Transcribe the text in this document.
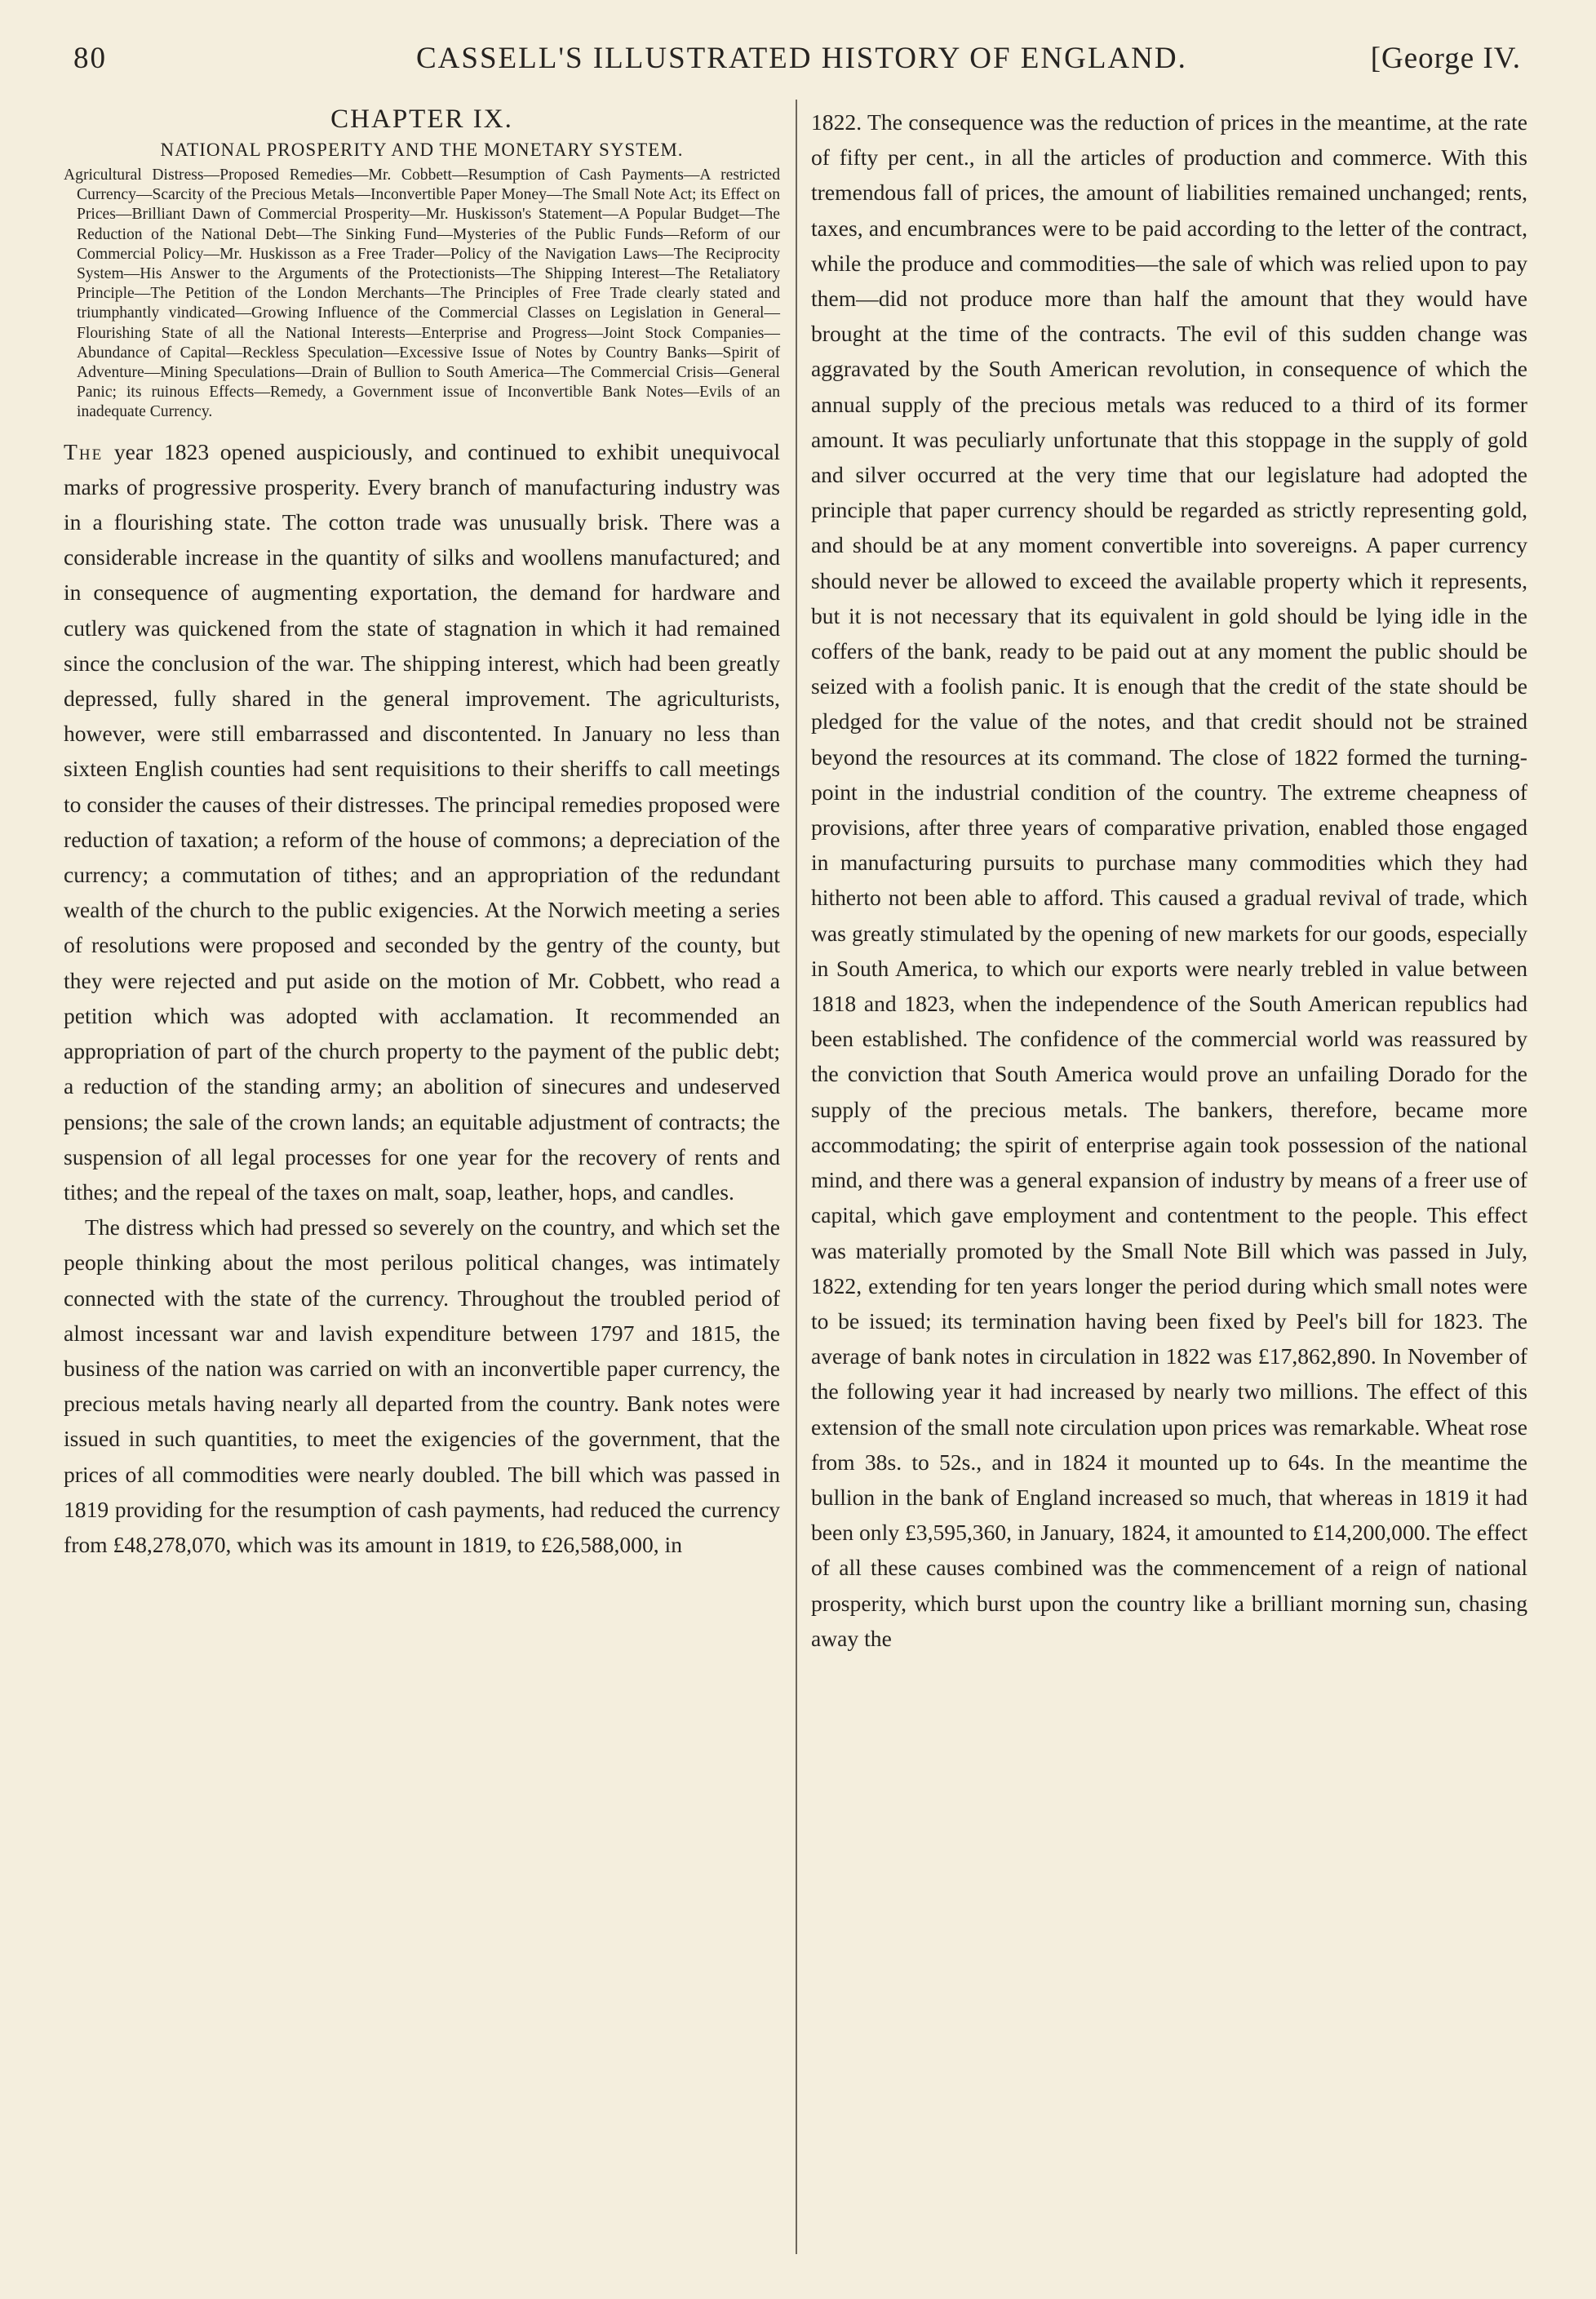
80	CASSELL'S ILLUSTRATED HISTORY OF ENGLAND.	[George IV.
CHAPTER IX.
NATIONAL PROSPERITY AND THE MONETARY SYSTEM.

Agricultural Distress—Proposed Remedies—Mr. Cobbett—Resumption of Cash Payments—A restricted Currency—Scarcity of the Precious Metals—Inconvertible Paper Money—The Small Note Act; its Effect on Prices—Brilliant Dawn of Commercial Prosperity—Mr. Huskisson's Statement—A Popular Budget—The Reduction of the National Debt—The Sinking Fund—Mysteries of the Public Funds—Reform of our Commercial Policy—Mr. Huskisson as a Free Trader—Policy of the Navigation Laws—The Reciprocity System—His Answer to the Arguments of the Protectionists—The Shipping Interest—The Retaliatory Principle—The Petition of the London Merchants—The Principles of Free Trade clearly stated and triumphantly vindicated—Growing Influence of the Commercial Classes on Legislation in General—Flourishing State of all the National Interests—Enterprise and Progress—Joint Stock Companies—Abundance of Capital—Reckless Speculation—Excessive Issue of Notes by Country Banks—Spirit of Adventure—Mining Speculations—Drain of Bullion to South America—The Commercial Crisis—General Panic; its ruinous Effects—Remedy, a Government issue of Inconvertible Bank Notes—Evils of an inadequate Currency.

The year 1823 opened auspiciously, and continued to exhibit unequivocal marks of progressive prosperity. Every branch of manufacturing industry was in a flourishing state. The cotton trade was unusually brisk. There was a considerable increase in the quantity of silks and woollens manufactured; and in consequence of augmenting exportation, the demand for hardware and cutlery was quickened from the state of stagnation in which it had remained since the conclusion of the war. The shipping interest, which had been greatly depressed, fully shared in the general improvement. The agriculturists, however, were still embarrassed and discontented. In January no less than sixteen English counties had sent requisitions to their sheriffs to call meetings to consider the causes of their distresses. The principal remedies proposed were reduction of taxation; a reform of the house of commons; a depreciation of the currency; a commutation of tithes; and an appropriation of the redundant wealth of the church to the public exigencies. At the Norwich meeting a series of resolutions were proposed and seconded by the gentry of the county, but they were rejected and put aside on the motion of Mr. Cobbett, who read a petition which was adopted with acclamation. It recommended an appropriation of part of the church property to the payment of the public debt; a reduction of the standing army; an abolition of sinecures and undeserved pensions; the sale of the crown lands; an equitable adjustment of contracts; the suspension of all legal processes for one year for the recovery of rents and tithes; and the repeal of the taxes on malt, soap, leather, hops, and candles.

The distress which had pressed so severely on the country, and which set the people thinking about the most perilous political changes, was intimately connected with the state of the currency. Throughout the troubled period of almost incessant war and lavish expenditure between 1797 and 1815, the business of the nation was carried on with an inconvertible paper currency, the precious metals having nearly all departed from the country. Bank notes were issued in such quantities, to meet the exigencies of the government, that the prices of all commodities were nearly doubled. The bill which was passed in 1819 providing for the resumption of cash payments, had reduced the currency from £48,278,070, which was its amount in 1819, to £26,588,000, in

1822. The consequence was the reduction of prices in the meantime, at the rate of fifty per cent., in all the articles of production and commerce. With this tremendous fall of prices, the amount of liabilities remained unchanged; rents, taxes, and encumbrances were to be paid according to the letter of the contract, while the produce and commodities—the sale of which was relied upon to pay them—did not produce more than half the amount that they would have brought at the time of the contracts. The evil of this sudden change was aggravated by the South American revolution, in consequence of which the annual supply of the precious metals was reduced to a third of its former amount. It was peculiarly unfortunate that this stoppage in the supply of gold and silver occurred at the very time that our legislature had adopted the principle that paper currency should be regarded as strictly representing gold, and should be at any moment convertible into sovereigns. A paper currency should never be allowed to exceed the available property which it represents, but it is not necessary that its equivalent in gold should be lying idle in the coffers of the bank, ready to be paid out at any moment the public should be seized with a foolish panic. It is enough that the credit of the state should be pledged for the value of the notes, and that credit should not be strained beyond the resources at its command. The close of 1822 formed the turning-point in the industrial condition of the country. The extreme cheapness of provisions, after three years of comparative privation, enabled those engaged in manufacturing pursuits to purchase many commodities which they had hitherto not been able to afford. This caused a gradual revival of trade, which was greatly stimulated by the opening of new markets for our goods, especially in South America, to which our exports were nearly trebled in value between 1818 and 1823, when the independence of the South American republics had been established. The confidence of the commercial world was reassured by the conviction that South America would prove an unfailing Dorado for the supply of the precious metals. The bankers, therefore, became more accommodating; the spirit of enterprise again took possession of the national mind, and there was a general expansion of industry by means of a freer use of capital, which gave employment and contentment to the people. This effect was materially promoted by the Small Note Bill which was passed in July, 1822, extending for ten years longer the period during which small notes were to be issued; its termination having been fixed by Peel's bill for 1823. The average of bank notes in circulation in 1822 was £17,862,890. In November of the following year it had increased by nearly two millions. The effect of this extension of the small note circulation upon prices was remarkable. Wheat rose from 38s. to 52s., and in 1824 it mounted up to 64s. In the meantime the bullion in the bank of England increased so much, that whereas in 1819 it had been only £3,595,360, in January, 1824, it amounted to £14,200,000. The effect of all these causes combined was the commencement of a reign of national prosperity, which burst upon the country like a brilliant morning sun, chasing away the
